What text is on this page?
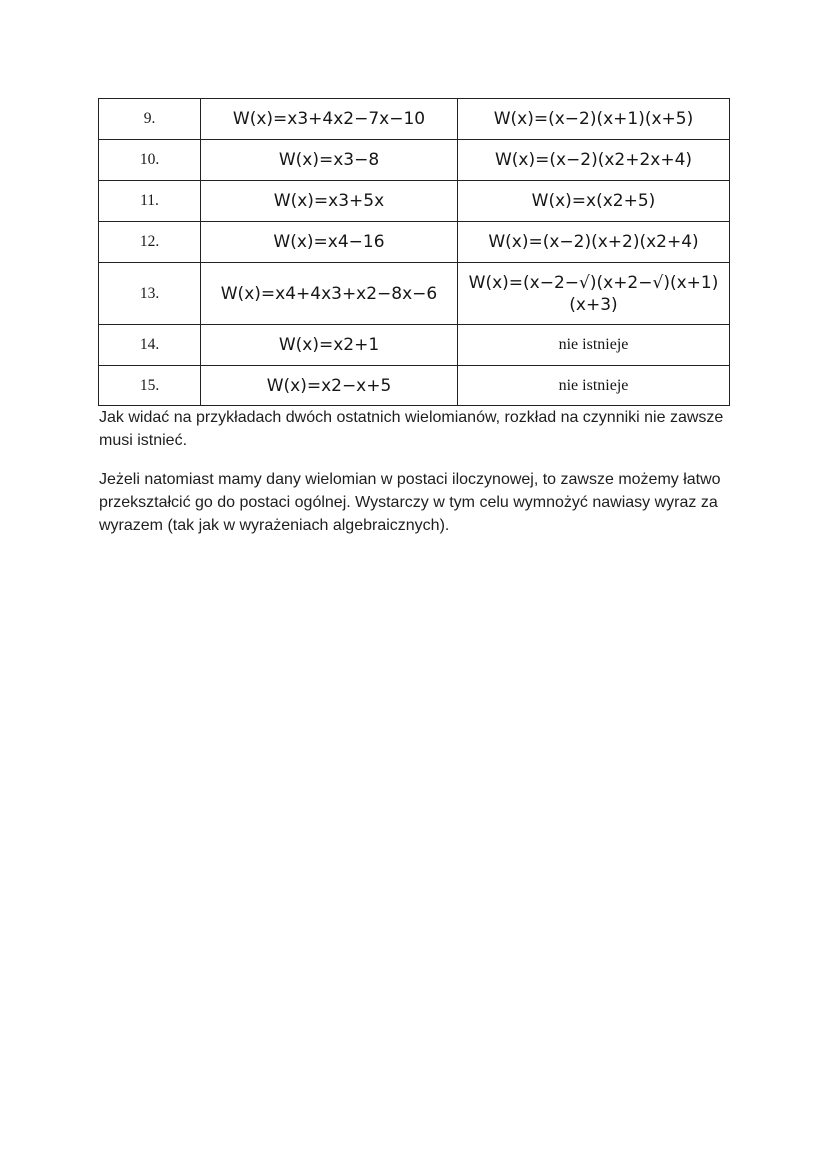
9.	W(x)=x3+4x2−7x−10	W(x)=(x−2)(x+1)(x+5)
10.	W(x)=x3−8	W(x)=(x−2)(x2+2x+4)
11.	W(x)=x3+5x	W(x)=x(x2+5)
12.	W(x)=x4−16	W(x)=(x−2)(x+2)(x2+4)
13.	W(x)=x4+4x3+x2−8x−6	W(x)=(x−2−√)(x+2−√)(x+1)(x+3)
14.	W(x)=x2+1	nie istnieje
15.	W(x)=x2−x+5	nie istnieje

Jak widać na przykładach dwóch ostatnich wielomianów, rozkład na czynniki nie zawsze musi istnieć.

Jeżeli natomiast mamy dany wielomian w postaci iloczynowej, to zawsze możemy łatwo przekształcić go do postaci ogólnej. Wystarczy w tym celu wymnożyć nawiasy wyraz za wyrazem (tak jak w wyrażeniach algebraicznych).
